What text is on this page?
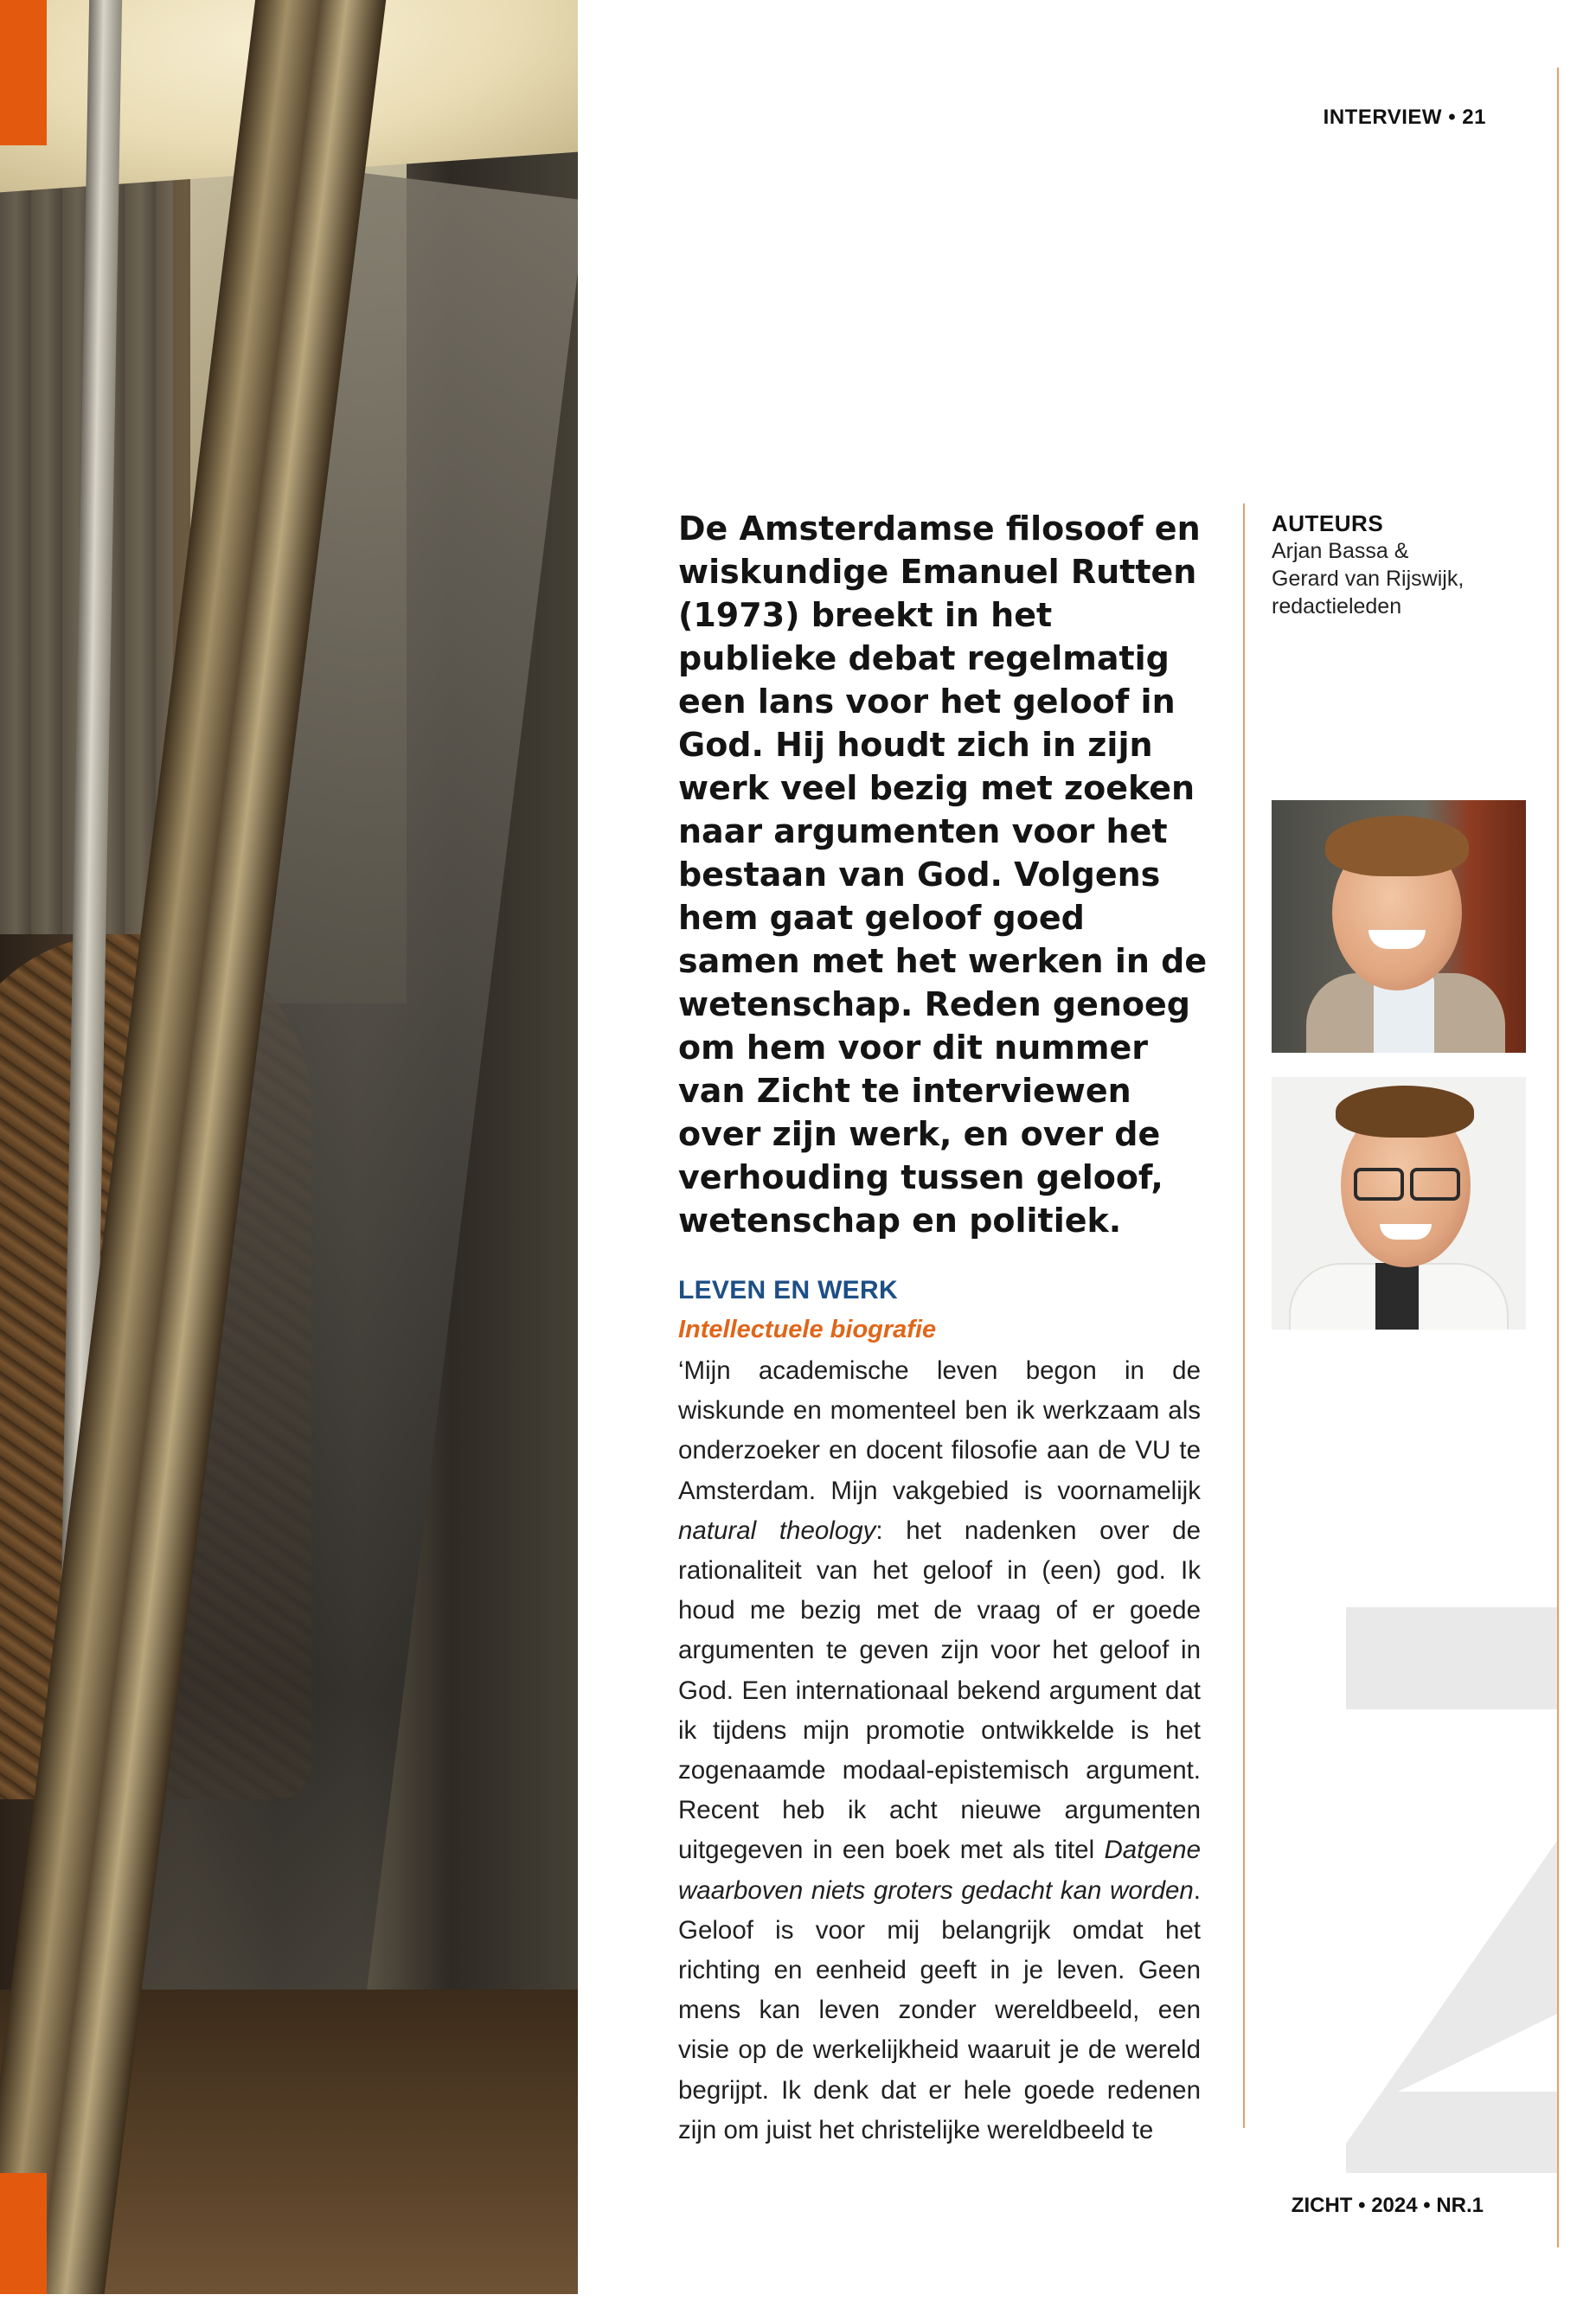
INTERVIEW • 21
ZICHT • 2024 • NR.1

De Amsterdamse filosoof en wiskundige Emanuel Rutten (1973) breekt in het publieke debat regelmatig een lans voor het geloof in God. Hij houdt zich in zijn werk veel bezig met zoeken naar argumenten voor het bestaan van God. Volgens hem gaat geloof goed samen met het werken in de wetenschap. Reden genoeg om hem voor dit nummer van Zicht te interviewen over zijn werk, en over de verhouding tussen geloof, wetenschap en politiek.

AUTEURS
Arjan Bassa &
Gerard van Rijswijk,
redactieleden
LEVEN EN WERK
Intellectuele biografie

‘Mijn academische leven begon in de wiskunde en momenteel ben ik werkzaam als onderzoeker en docent filosofie aan de VU te Amsterdam. Mijn vakgebied is voornamelijk natural theology: het nadenken over de rationaliteit van het geloof in (een) god. Ik houd me bezig met de vraag of er goede argumenten te geven zijn voor het geloof in God. Een internationaal bekend argument dat ik tijdens mijn promotie ontwikkelde is het zogenaamde modaal-epistemisch argument. Recent heb ik acht nieuwe argumenten uitgegeven in een boek met als titel Datgene waarboven niets groters gedacht kan worden. Geloof is voor mij belangrijk omdat het richting en eenheid geeft in je leven. Geen mens kan leven zonder wereldbeeld, een visie op de werkelijkheid waaruit je de wereld begrijpt. Ik denk dat er hele goede redenen zijn om juist het christelijke wereldbeeld te
